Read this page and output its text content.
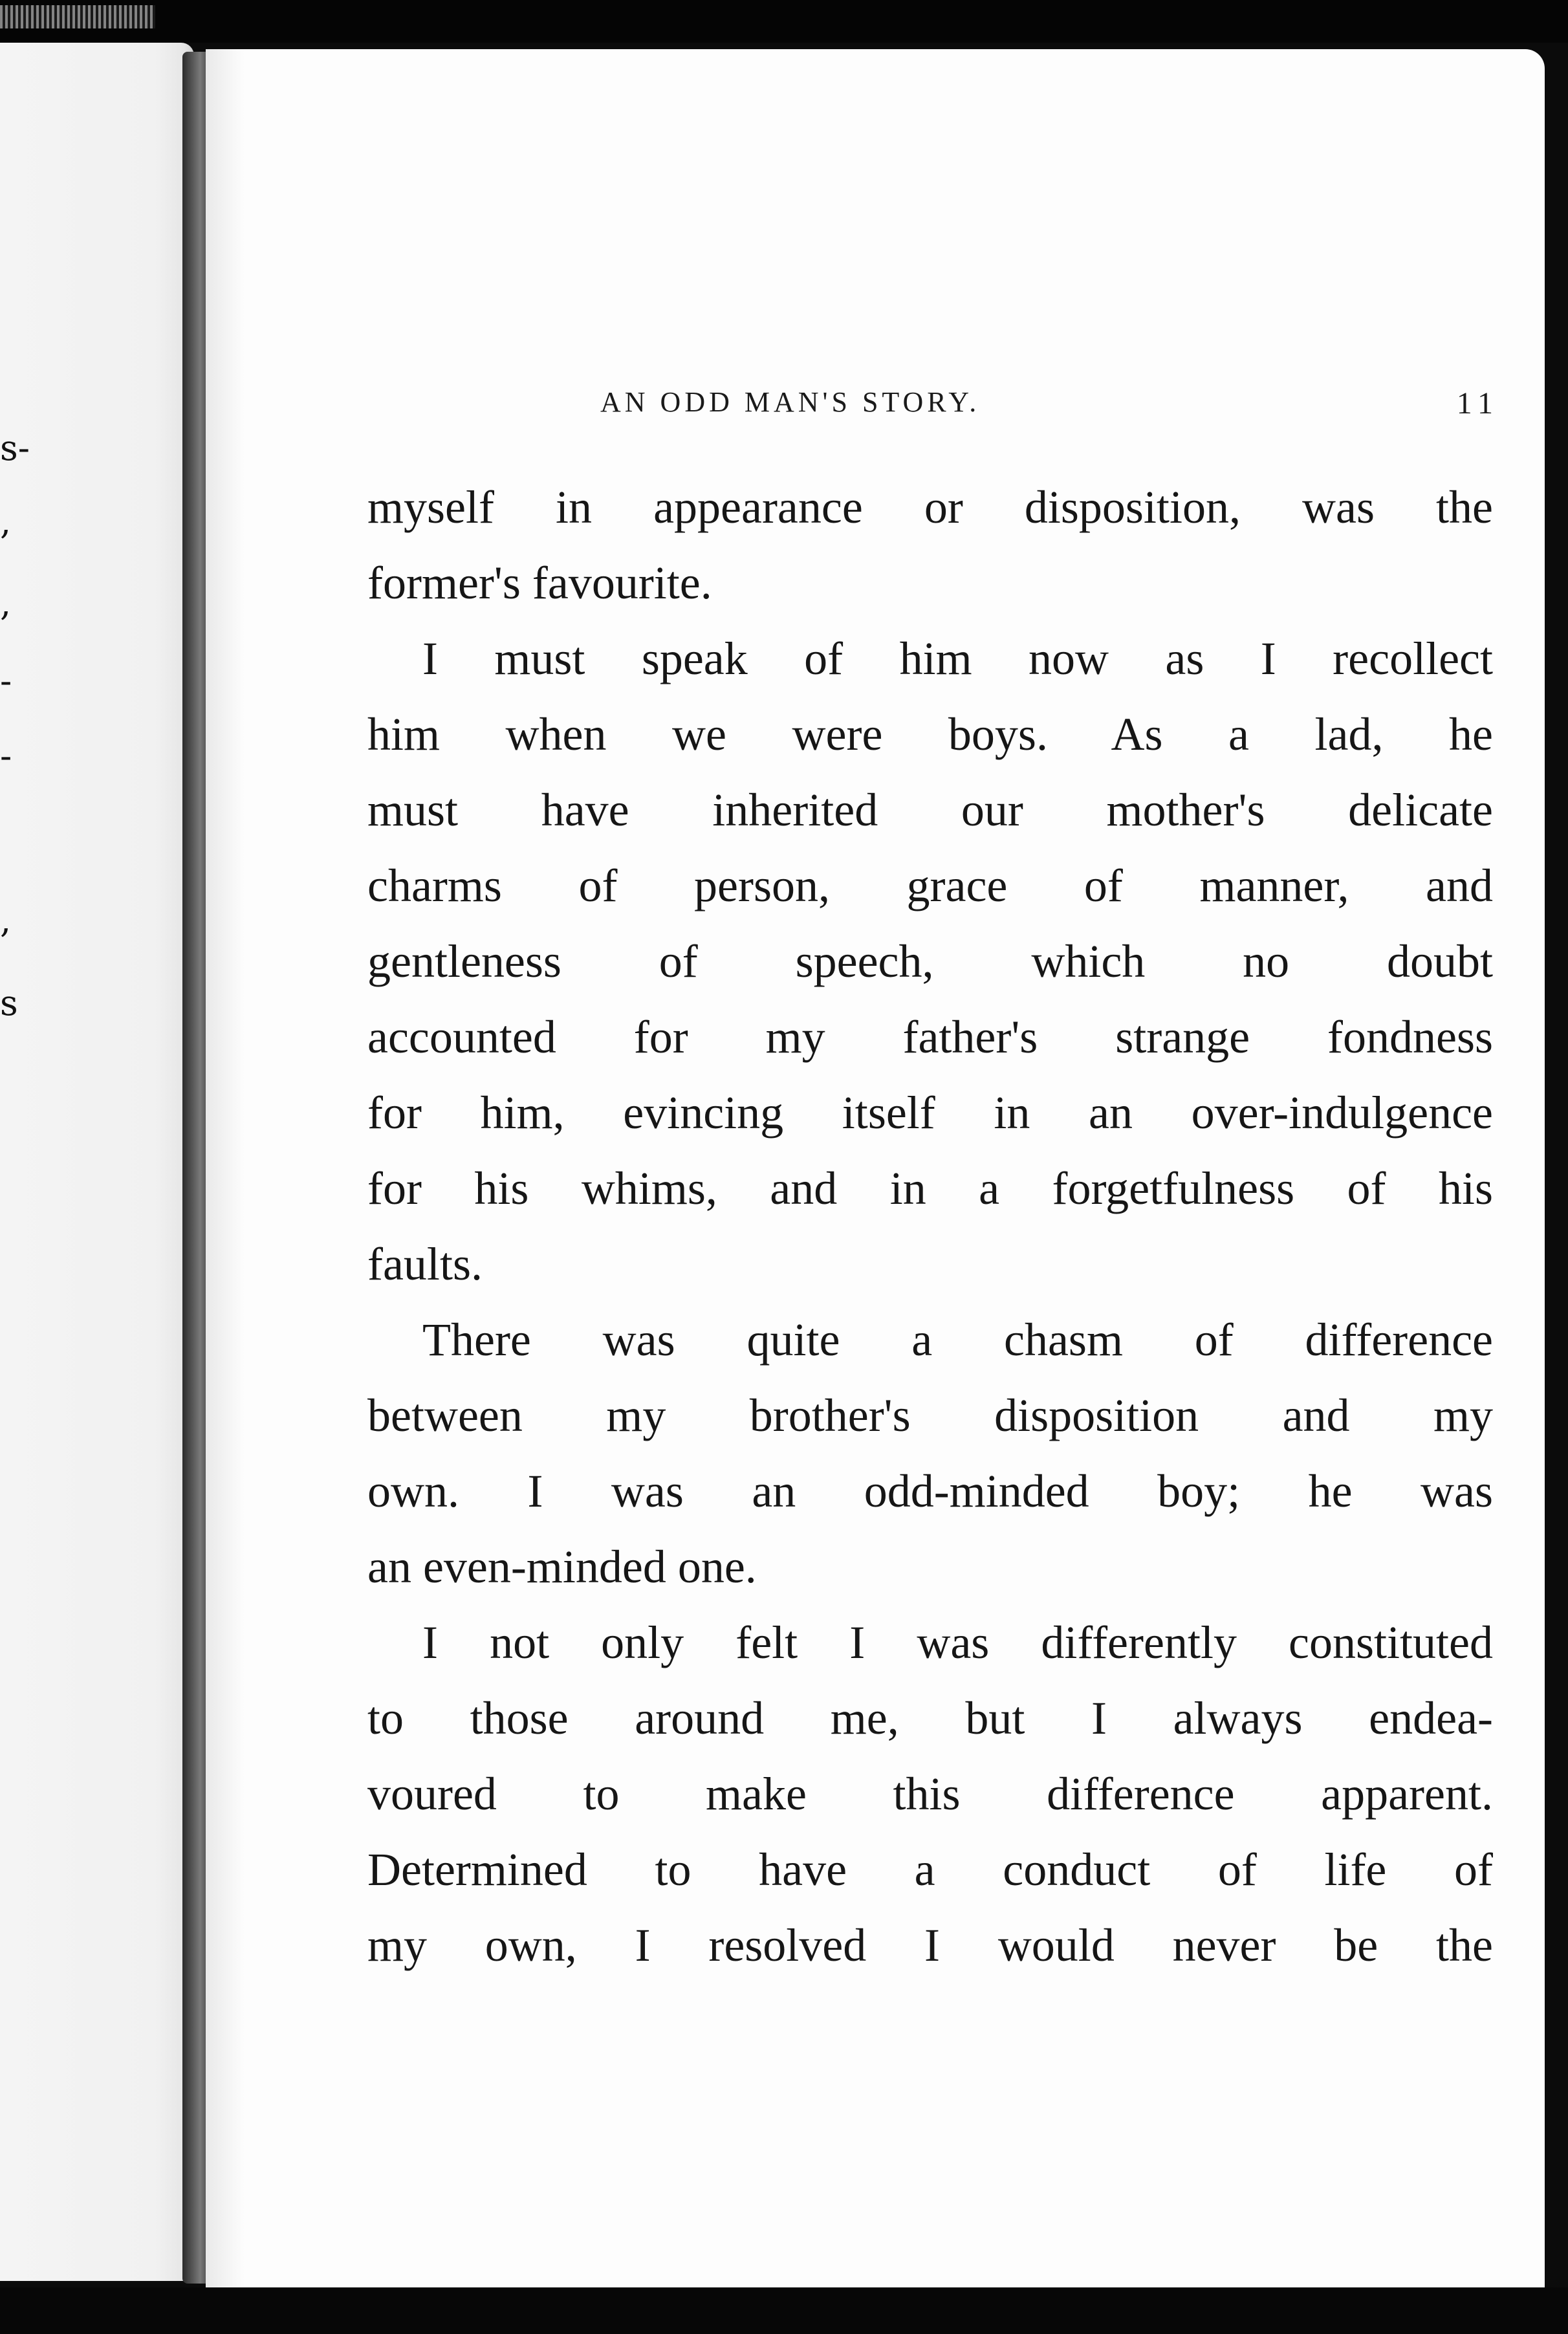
s-
,
,
-
-
,
s
AN ODD MAN'S STORY.	11
myself in appearance or disposition, was the
former's favourite.
I must speak of him now as I recollect
him when we were boys. As a lad, he
must have inherited our mother's delicate
charms of person, grace of manner, and
gentleness of speech, which no doubt
accounted for my father's strange fondness
for him, evincing itself in an over-indulgence
for his whims, and in a forgetfulness of his
faults.
There was quite a chasm of difference
between my brother's disposition and my
own. I was an odd-minded boy; he was
an even-minded one.
I not only felt I was differently constituted
to those around me, but I always endea-
voured to make this difference apparent.
Determined to have a conduct of life of
my own, I resolved I would never be the
